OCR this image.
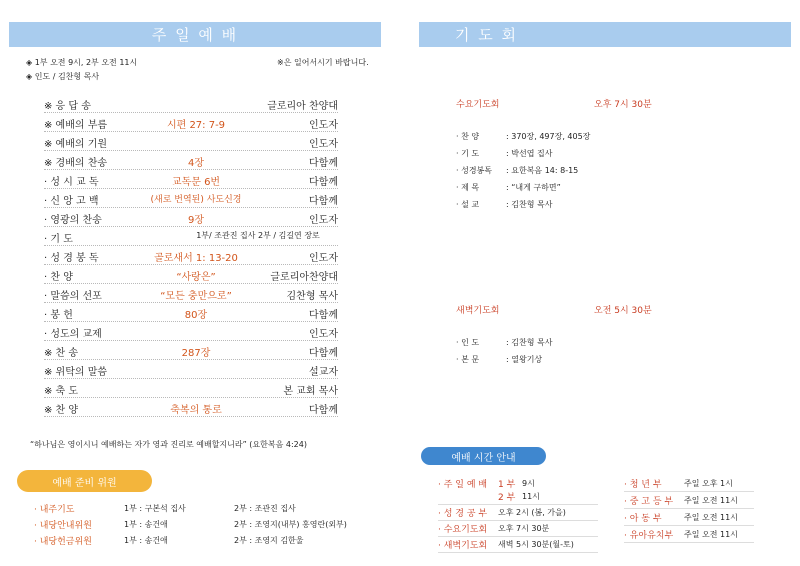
주 일 예 배
◈ 1부 오전 9시, 2부 오전 11시
◈ 인도 / 김찬형 목사
※은 일어서시기 바랍니다.
※ 응 답 송	글로리아 찬양대
※ 예배의 부름	시편 27: 7-9	인도자
※ 예배의 기원	인도자
※ 경배의 찬송	4장	다함께
· 성 시 교 독	교독문 6번	다함께
· 신 앙 고 백	(새로 번역된) 사도신경	다함께
· 영광의 찬송	9장	인도자
· 기 도	1부/ 조관진 집사 2부 / 김길연 장로
· 성 경 봉 독	골로새서 1: 13-20	인도자
· 찬 양	“사랑은”	글로리아찬양대
· 말씀의 선포	“모든 충만으로”	김찬형 목사
· 봉 헌	80장	다함께
· 성도의 교제	인도자
※ 찬 송	287장	다함께
※ 위탁의 말씀	설교자
※ 축 도	본 교회 목사
※ 찬 양	축복의 통로	다함께
“하나님은 영이시니 예배하는 자가 영과 진리로 예배할지니라” (요한복음 4:24)
예배 준비 위원
· 내주기도	1부 : 구본석 집사	2부 : 조관진 집사
· 내당안내위원	1부 : 송건애	2부 : 조영지(내부) 홍영란(외부)
· 내당헌금위원	1부 : 송건애	2부 : 조영지 김한울
기 도 회
수요기도회	오후 7시 30분
· 찬 양	: 370장, 497장, 405장
· 기 도	: 박선엽 집사
· 성경봉독 : 요한복음 14: 8-15
· 제 목	: “내게 구하면”
· 설 교	: 김찬형 목사
새벽기도회	오전 5시 30분
· 인 도	: 김찬형 목사
· 본 문	: 열왕기상
예배 시간 안내
· 주 일 예 배 1 부 9시
2 부 11시
· 성 경 공 부 오후 2시 (봄, 가을)
· 수요기도회 오후 7시 30분
· 새벽기도회 새벽 5시 30분(월-토)
· 청 년 부	주일 오후 1시
· 중 고 등 부 주일 오전 11시
· 아 동 부	주일 오전 11시
· 유아유치부 주일 오전 11시
